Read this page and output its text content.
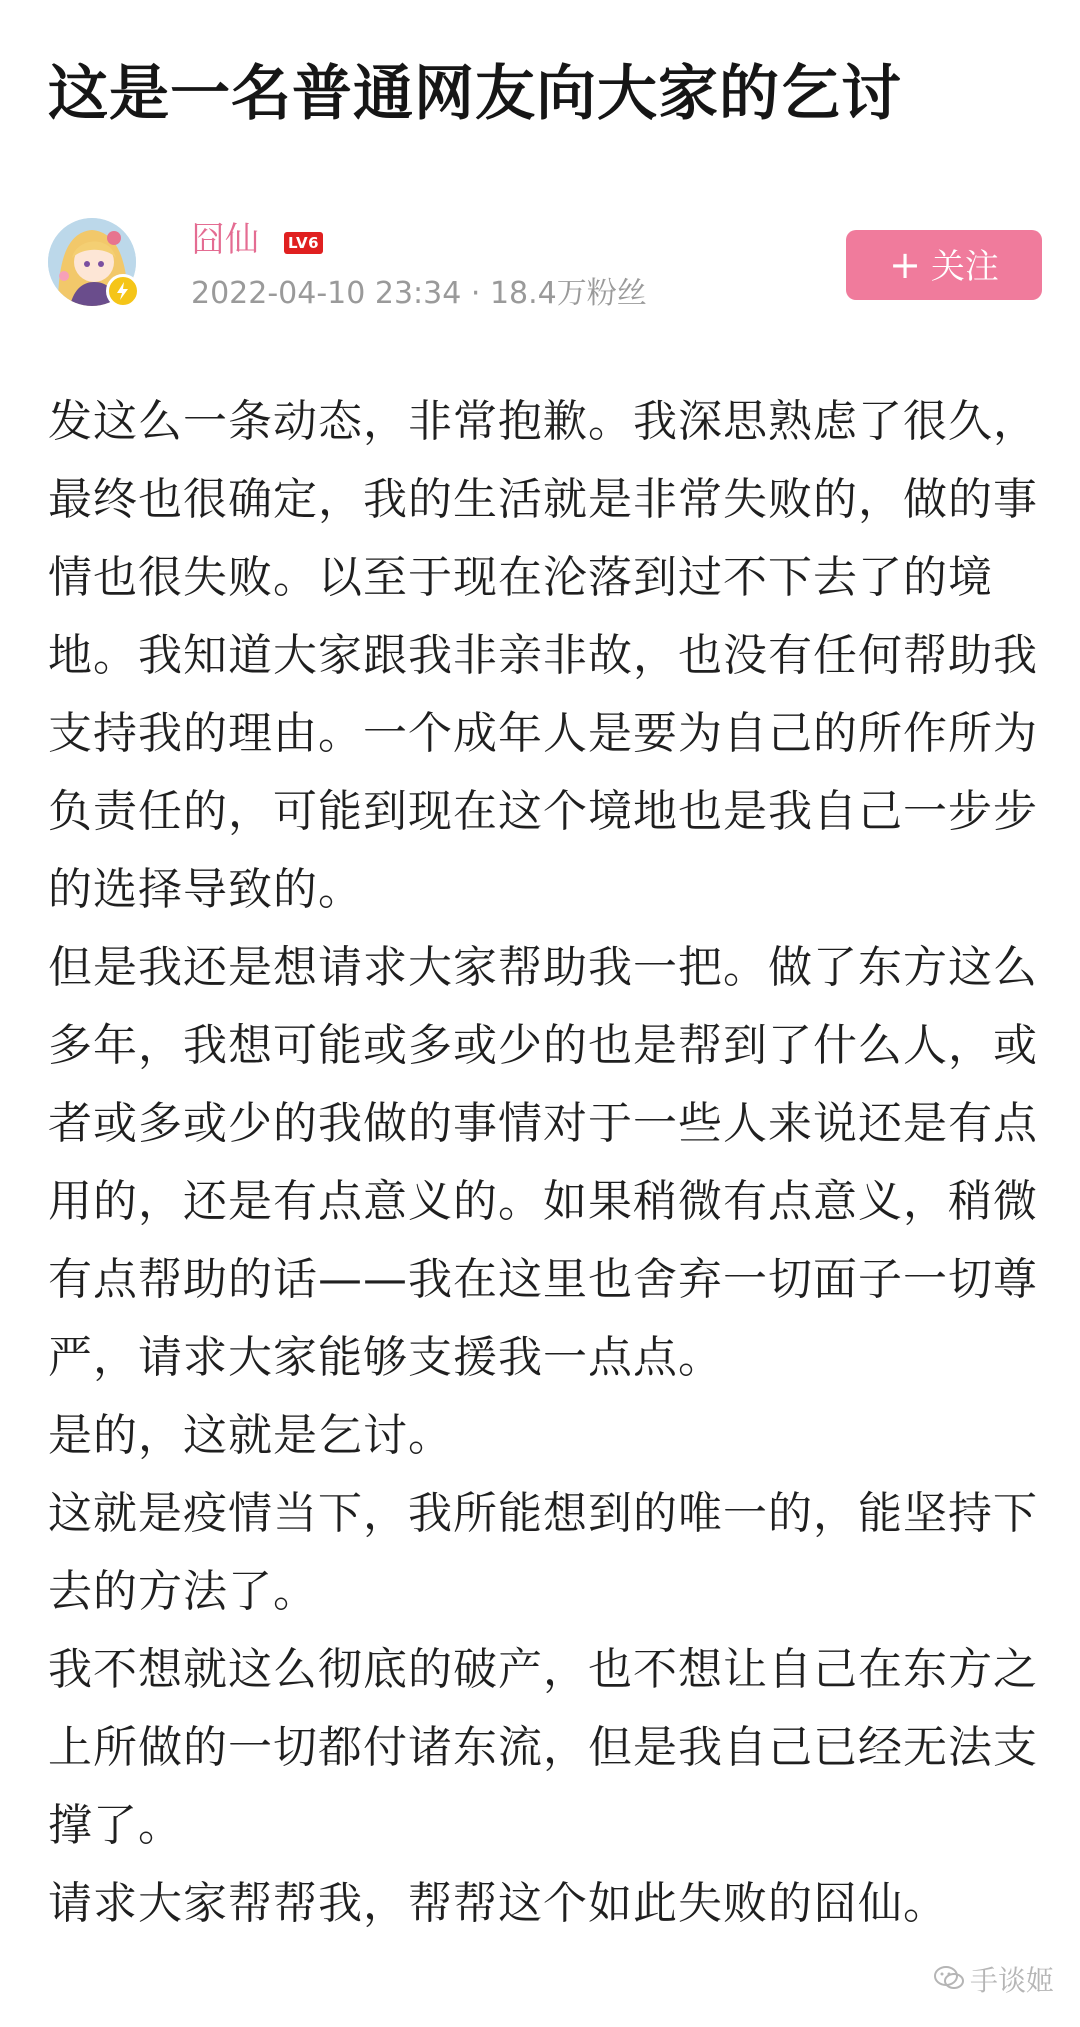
这是一名普通网友向大家的乞讨
囧仙 LV6
2022-04-10 23:34 · 18.4万粉丝
+ 关注

发这么一条动态，非常抱歉。我深思熟虑了很久，最终也很确定，我的生活就是非常失败的，做的事情也很失败。以至于现在沦落到过不下去了的境地。我知道大家跟我非亲非故，也没有任何帮助我支持我的理由。一个成年人是要为自己的所作所为负责任的，可能到现在这个境地也是我自己一步步的选择导致的。

但是我还是想请求大家帮助我一把。做了东方这么多年，我想可能或多或少的也是帮到了什么人，或者或多或少的我做的事情对于一些人来说还是有点用的，还是有点意义的。如果稍微有点意义，稍微有点帮助的话——我在这里也舍弃一切面子一切尊严，请求大家能够支援我一点点。

是的，这就是乞讨。

这就是疫情当下，我所能想到的唯一的，能坚持下去的方法了。

我不想就这么彻底的破产，也不想让自己在东方之上所做的一切都付诸东流，但是我自己已经无法支撑了。

请求大家帮帮我，帮帮这个如此失败的囧仙。

手谈姬
